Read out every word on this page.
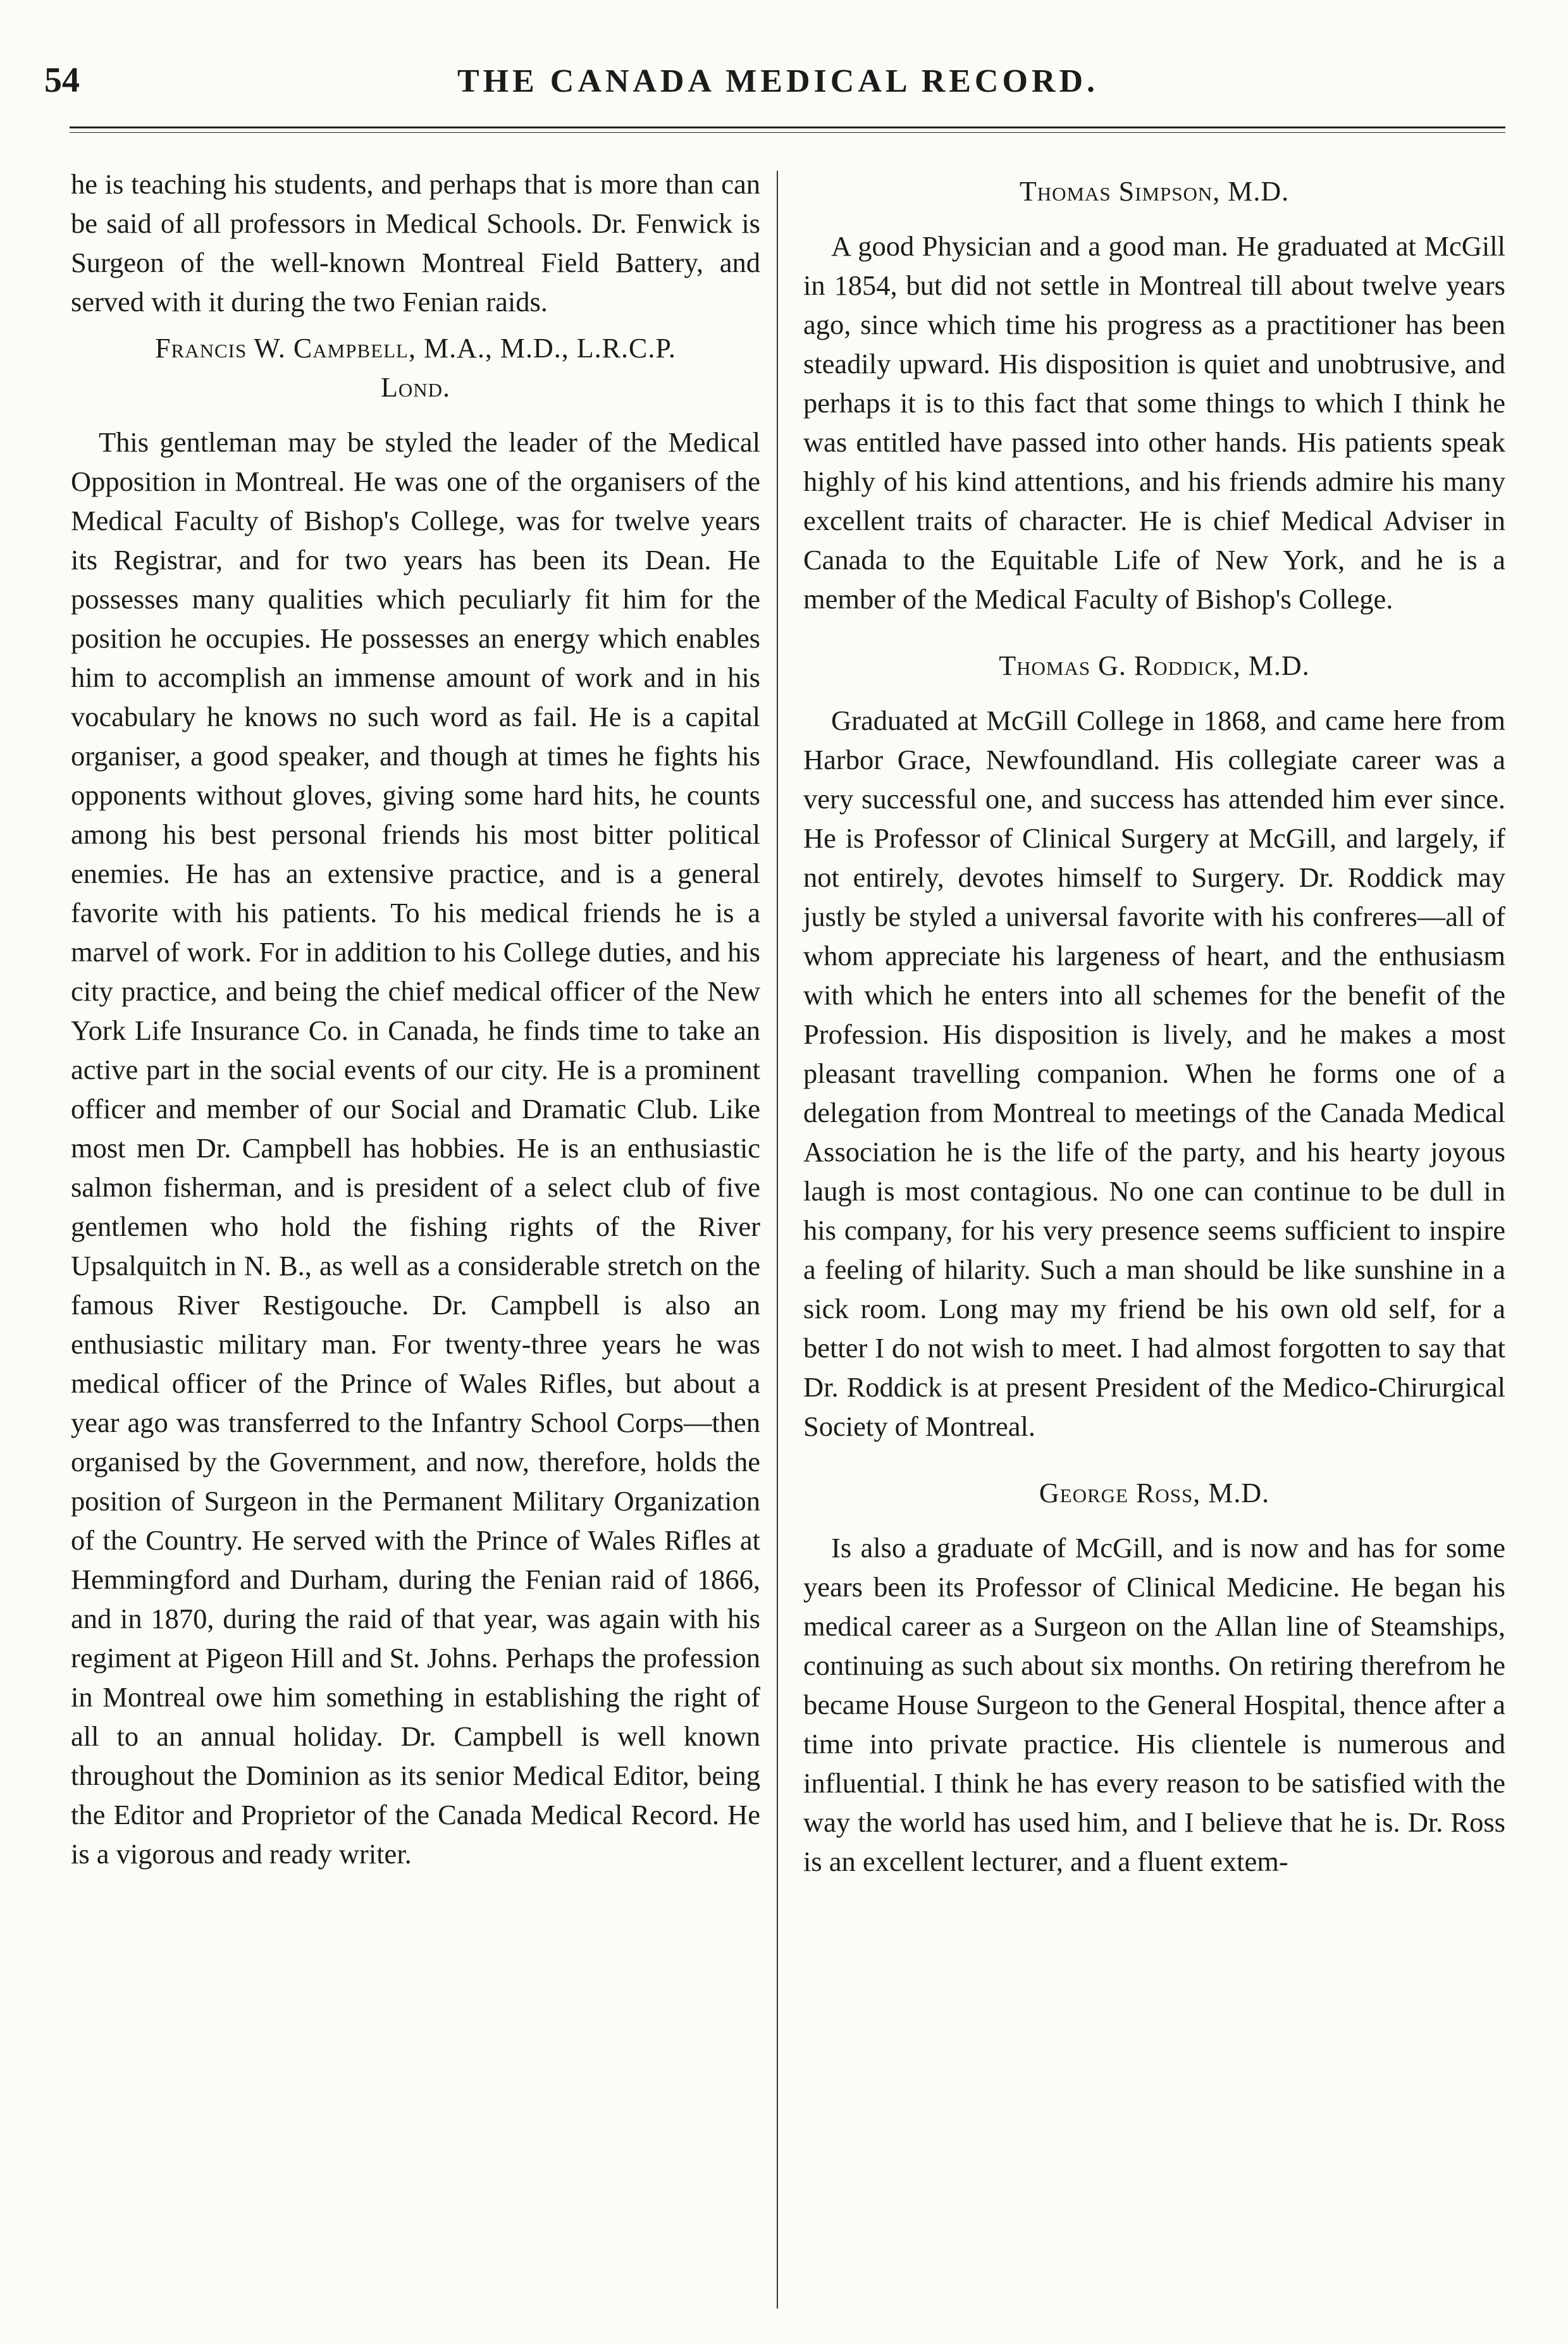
54	THE CANADA MEDICAL RECORD.

he is teaching his students, and perhaps that is more than can be said of all professors in Medical Schools. Dr. Fenwick is Surgeon of the well-known Montreal Field Battery, and served with it during the two Fenian raids.

Francis W. Campbell, M.A., M.D., L.R.C.P.
Lond.

This gentleman may be styled the leader of the Medical Opposition in Montreal. He was one of the organisers of the Medical Faculty of Bishop's College, was for twelve years its Registrar, and for two years has been its Dean. He possesses many qualities which peculiarly fit him for the position he occupies. He possesses an energy which enables him to accomplish an immense amount of work and in his vocabulary he knows no such word as fail. He is a capital organiser, a good speaker, and though at times he fights his opponents without gloves, giving some hard hits, he counts among his best personal friends his most bitter political enemies. He has an extensive practice, and is a general favorite with his patients. To his medical friends he is a marvel of work. For in addition to his College duties, and his city practice, and being the chief medical officer of the New York Life Insurance Co. in Canada, he finds time to take an active part in the social events of our city. He is a prominent officer and member of our Social and Dramatic Club. Like most men Dr. Campbell has hobbies. He is an enthusiastic salmon fisherman, and is president of a select club of five gentlemen who hold the fishing rights of the River Upsalquitch in N. B., as well as a considerable stretch on the famous River Restigouche. Dr. Campbell is also an enthusiastic military man. For twenty-three years he was medical officer of the Prince of Wales Rifles, but about a year ago was transferred to the Infantry School Corps—then organised by the Government, and now, therefore, holds the position of Surgeon in the Permanent Military Organization of the Country. He served with the Prince of Wales Rifles at Hemmingford and Durham, during the Fenian raid of 1866, and in 1870, during the raid of that year, was again with his regiment at Pigeon Hill and St. Johns. Perhaps the profession in Montreal owe him something in establishing the right of all to an annual holiday. Dr. Campbell is well known throughout the Dominion as its senior Medical Editor, being the Editor and Proprietor of the Canada Medical Record. He is a vigorous and ready writer.

Thomas Simpson, M.D.

A good Physician and a good man. He graduated at McGill in 1854, but did not settle in Montreal till about twelve years ago, since which time his progress as a practitioner has been steadily upward. His disposition is quiet and unobtrusive, and perhaps it is to this fact that some things to which I think he was entitled have passed into other hands. His patients speak highly of his kind attentions, and his friends admire his many excellent traits of character. He is chief Medical Adviser in Canada to the Equitable Life of New York, and he is a member of the Medical Faculty of Bishop's College.

Thomas G. Roddick, M.D.

Graduated at McGill College in 1868, and came here from Harbor Grace, Newfoundland. His collegiate career was a very successful one, and success has attended him ever since. He is Professor of Clinical Surgery at McGill, and largely, if not entirely, devotes himself to Surgery. Dr. Roddick may justly be styled a universal favorite with his confreres—all of whom appreciate his largeness of heart, and the enthusiasm with which he enters into all schemes for the benefit of the Profession. His disposition is lively, and he makes a most pleasant travelling companion. When he forms one of a delegation from Montreal to meetings of the Canada Medical Association he is the life of the party, and his hearty joyous laugh is most contagious. No one can continue to be dull in his company, for his very presence seems sufficient to inspire a feeling of hilarity. Such a man should be like sunshine in a sick room. Long may my friend be his own old self, for a better I do not wish to meet. I had almost forgotten to say that Dr. Roddick is at present President of the Medico-Chirurgical Society of Montreal.

George Ross, M.D.

Is also a graduate of McGill, and is now and has for some years been its Professor of Clinical Medicine. He began his medical career as a Surgeon on the Allan line of Steamships, continuing as such about six months. On retiring therefrom he became House Surgeon to the General Hospital, thence after a time into private practice. His clientele is numerous and influential. I think he has every reason to be satisfied with the way the world has used him, and I believe that he is. Dr. Ross is an excellent lecturer, and a fluent extem-
